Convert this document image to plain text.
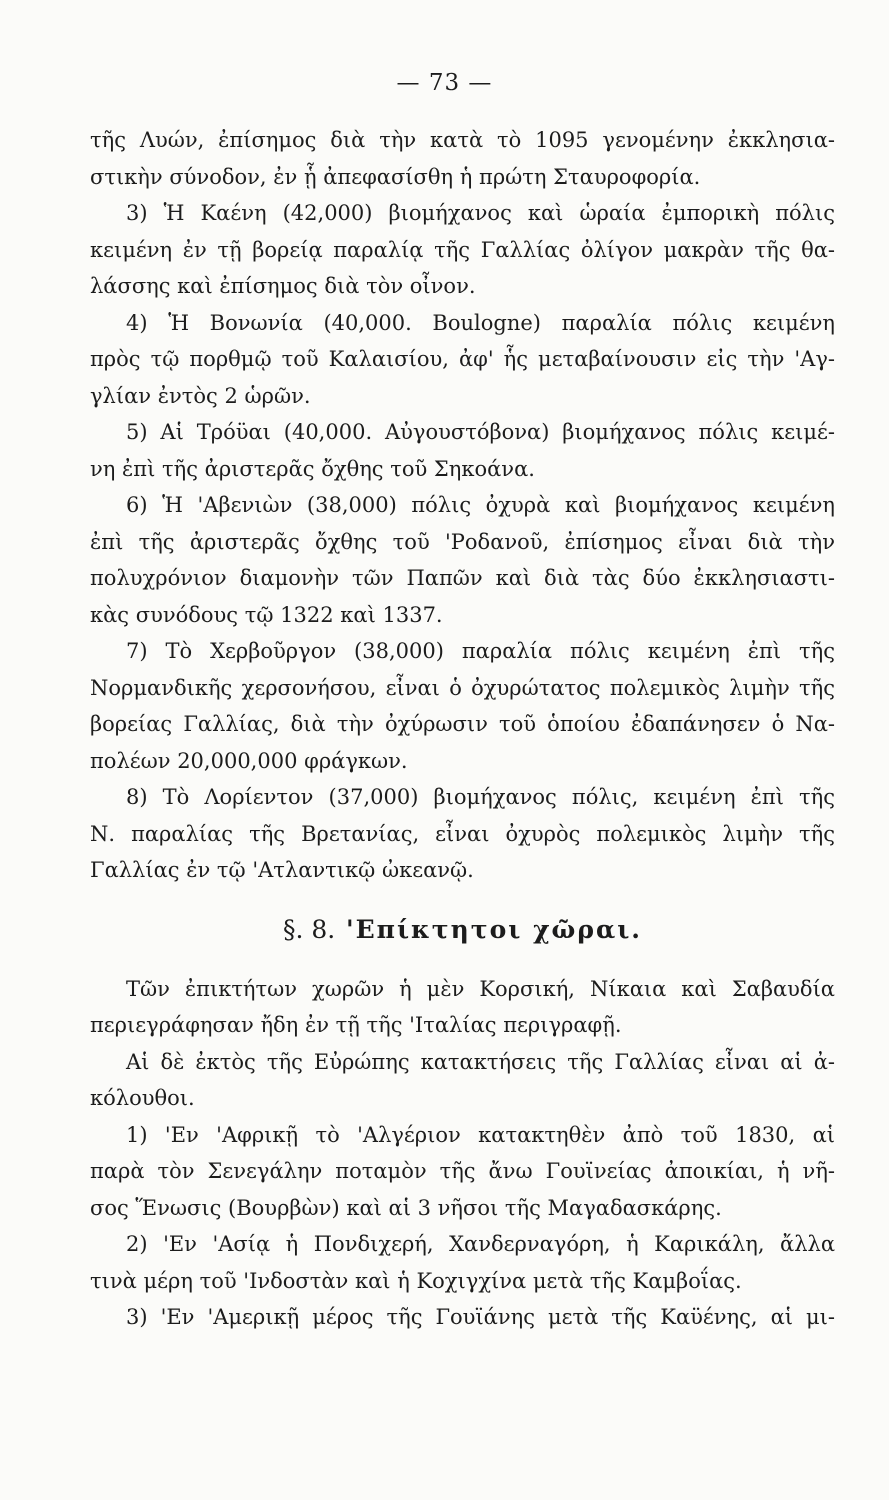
— 73 —
τῆς Λυών, ἐπίσημος διὰ τὴν κατὰ τὸ 1095 γενομένην ἐκκλησια-
στικὴν σύνοδον, ἐν ᾗ ἀπεφασίσθη ἡ πρώτη Σταυροφορία.
3) Ἡ Καένη (42,000) βιομήχανος καὶ ὡραία ἐμπορικὴ πόλις
κειμένη ἐν τῇ βορείᾳ παραλίᾳ τῆς Γαλλίας ὀλίγον μακρὰν τῆς θα-
λάσσης καὶ ἐπίσημος διὰ τὸν οἶνον.
4) Ἡ Βονωνία (40,000. Boulogne) παραλία πόλις κειμένη
πρὸς τῷ πορθμῷ τοῦ Καλαισίου, ἀφ' ἧς μεταβαίνουσιν εἰς τὴν 'Αγ-
γλίαν ἐντὸς 2 ὡρῶν.
5) Αἱ Τρόϋαι (40,000. Αὐγουστόβονα) βιομήχανος πόλις κειμέ-
νη ἐπὶ τῆς ἀριστερᾶς ὄχθης τοῦ Σηκοάνα.
6) Ἡ 'Αβενιὼν (38,000) πόλις ὀχυρὰ καὶ βιομήχανος κειμένη
ἐπὶ τῆς ἀριστερᾶς ὄχθης τοῦ 'Ροδανοῦ, ἐπίσημος εἶναι διὰ τὴν
πολυχρόνιον διαμονὴν τῶν Παπῶν καὶ διὰ τὰς δύο ἐκκλησιαστι-
κὰς συνόδους τῷ 1322 καὶ 1337.
7) Τὸ Χερβοῦργον (38,000) παραλία πόλις κειμένη ἐπὶ τῆς
Νορμανδικῆς χερσονήσου, εἶναι ὁ ὀχυρώτατος πολεμικὸς λιμὴν τῆς
βορείας Γαλλίας, διὰ τὴν ὀχύρωσιν τοῦ ὁποίου ἐδαπάνησεν ὁ Να-
πολέων 20,000,000 φράγκων.
8) Τὸ Λορίεντον (37,000) βιομήχανος πόλις, κειμένη ἐπὶ τῆς
Ν. παραλίας τῆς Βρετανίας, εἶναι ὀχυρὸς πολεμικὸς λιμὴν τῆς
Γαλλίας ἐν τῷ 'Ατλαντικῷ ὠκεανῷ.
§. 8. 'Επίκτητοι χῶραι.
Τῶν ἐπικτήτων χωρῶν ἡ μὲν Κορσική, Νίκαια καὶ Σαβαυδία
περιεγράφησαν ἤδη ἐν τῇ τῆς 'Ιταλίας περιγραφῇ.
Αἱ δὲ ἐκτὸς τῆς Εὐρώπης κατακτήσεις τῆς Γαλλίας εἶναι αἱ ἀ-
κόλουθοι.
1) 'Εν 'Αφρικῇ τὸ 'Αλγέριον κατακτηθὲν ἀπὸ τοῦ 1830, αἱ
παρὰ τὸν Σενεγάλην ποταμὸν τῆς ἄνω Γουϊνείας ἀποικίαι, ἡ νῆ-
σος Ἕνωσις (Βουρβὼν) καὶ αἱ 3 νῆσοι τῆς Μαγαδασκάρης.
2) 'Εν 'Ασίᾳ ἡ Πονδιχερή, Χανδερναγόρη, ἡ Καρικάλη, ἄλλα
τινὰ μέρη τοῦ 'Ινδοστὰν καὶ ἡ Κοχιγχίνα μετὰ τῆς Καμβοΐας.
3) 'Εν 'Αμερικῇ μέρος τῆς Γουϊάνης μετὰ τῆς Καϋένης, αἱ μι-
